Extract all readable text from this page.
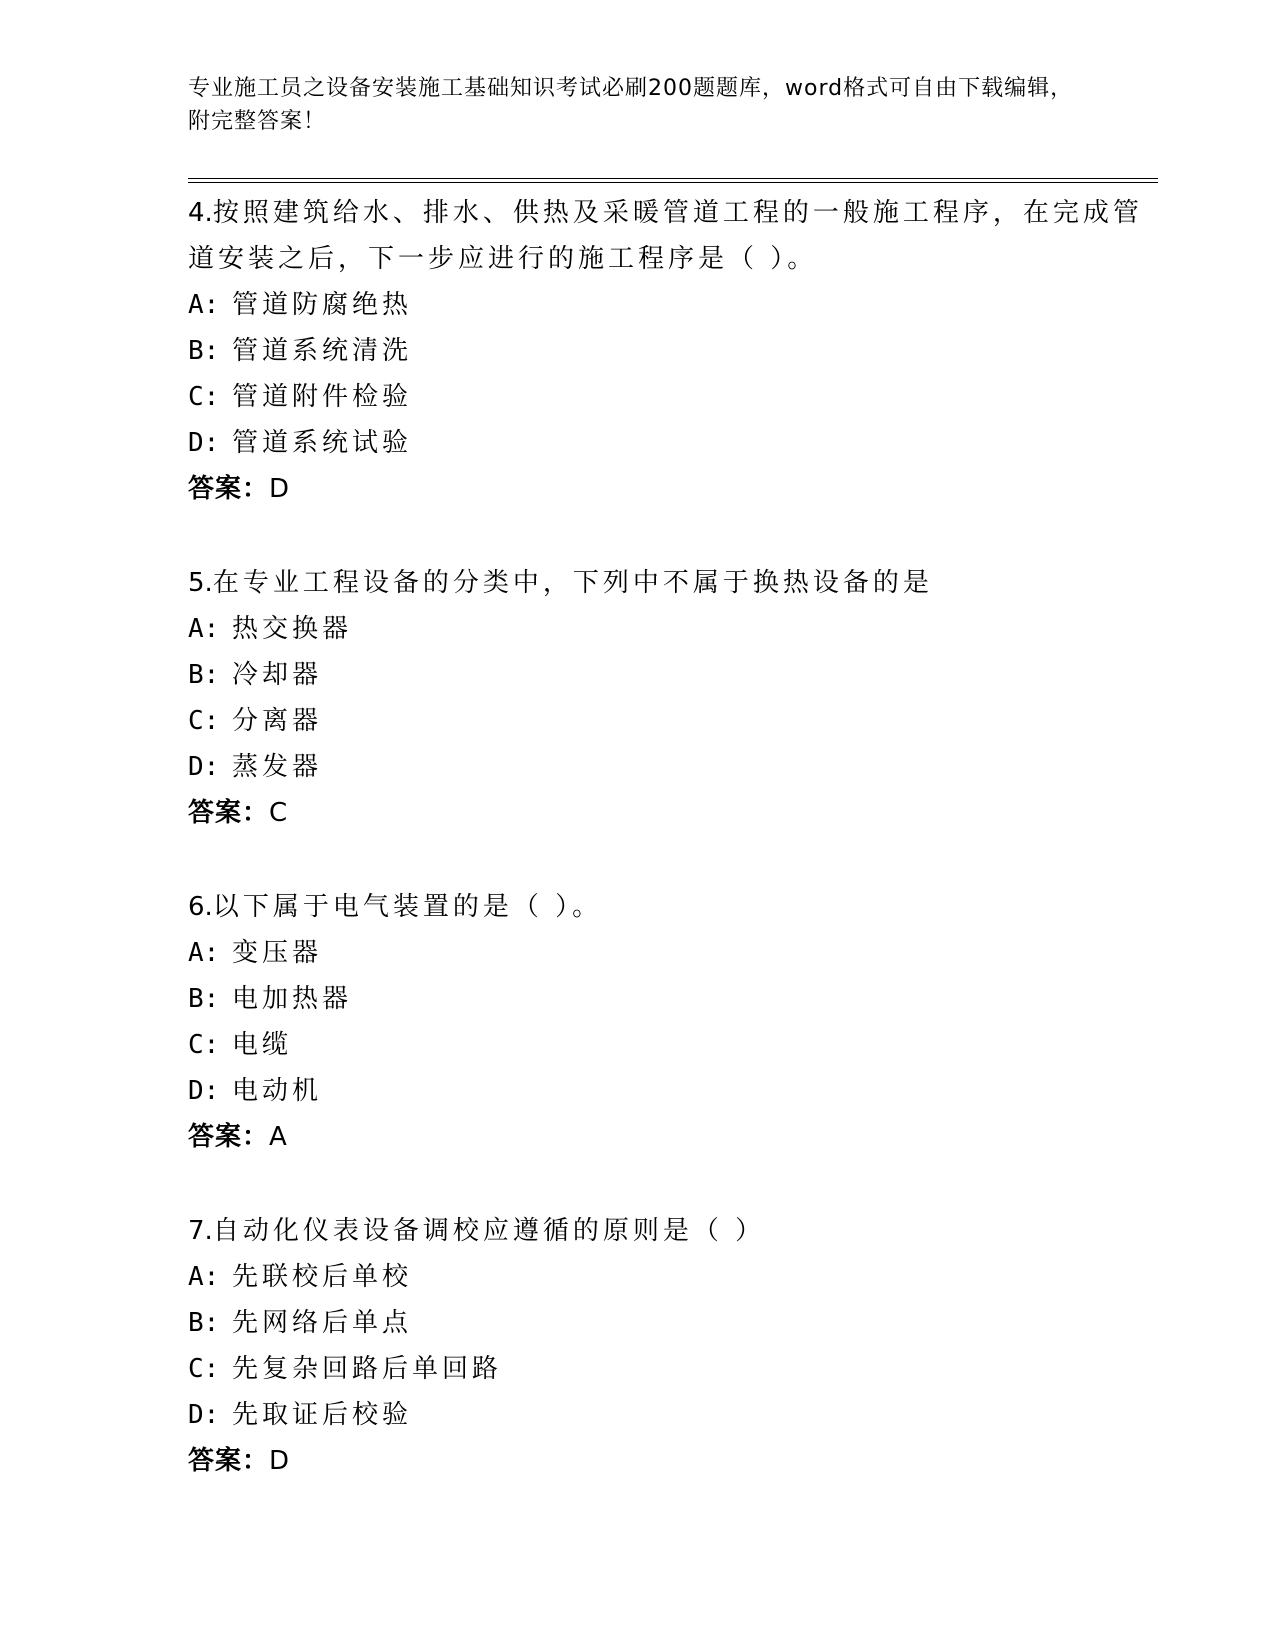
专业施工员之设备安装施工基础知识考试必刷200题题库，word格式可自由下载编辑，附完整答案！

4.按照建筑给水、排水、供热及采暖管道工程的一般施工程序，在完成管道安装之后，下一步应进行的施工程序是（ ）。

A: 管道防腐绝热
B: 管道系统清洗
C: 管道附件检验
D: 管道系统试验

答案：D

5.在专业工程设备的分类中，下列中不属于换热设备的是

A: 热交换器
B: 冷却器
C: 分离器
D: 蒸发器

答案：C

6.以下属于电气装置的是（ ）。

A: 变压器
B: 电加热器
C: 电缆
D: 电动机

答案：A

7.自动化仪表设备调校应遵循的原则是（ ）

A: 先联校后单校
B: 先网络后单点
C: 先复杂回路后单回路
D: 先取证后校验

答案：D
